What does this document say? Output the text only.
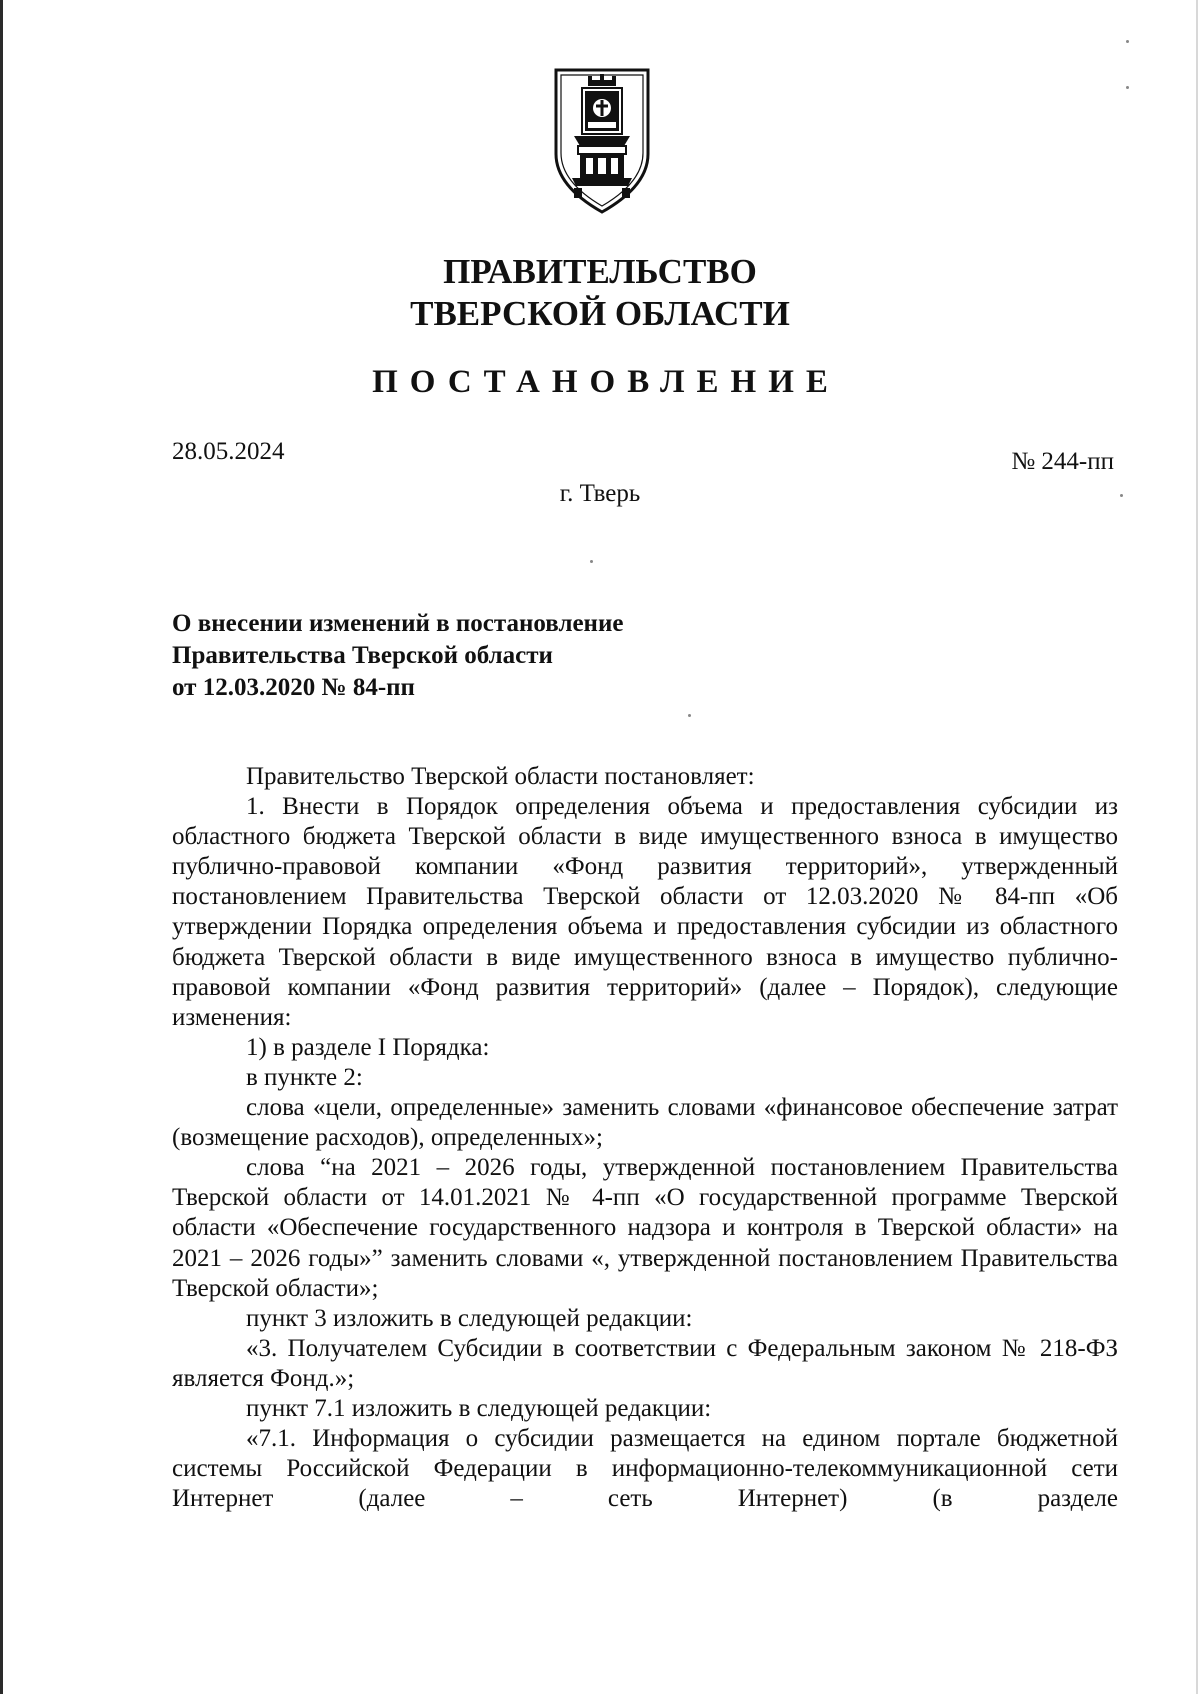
ПРАВИТЕЛЬСТВО
ТВЕРСКОЙ ОБЛАСТИ
ПОСТАНОВЛЕНИЕ
28.05.2024	№ 244-пп
г. Тверь
О внесении изменений в постановление
Правительства Тверской области
от 12.03.2020 № 84-пп

Правительство Тверской области постановляет:

1. Внести в Порядок определения объема и предоставления субсидии из областного бюджета Тверской области в виде имущественного взноса в имущество публично-правовой компании «Фонд развития территорий», утвержденный постановлением Правительства Тверской области от 12.03.2020 № 84-пп «Об утверждении Порядка определения объема и предоставления субсидии из областного бюджета Тверской области в виде имущественного взноса в имущество публично-правовой компании «Фонд развития территорий» (далее – Порядок), следующие изменения:

1) в разделе I Порядка:

в пункте 2:

слова «цели, определенные» заменить словами «финансовое обеспечение затрат (возмещение расходов), определенных»;

слова “на 2021 – 2026 годы, утвержденной постановлением Правительства Тверской области от 14.01.2021 № 4-пп «О государственной программе Тверской области «Обеспечение государственного надзора и контроля в Тверской области» на 2021 – 2026 годы»” заменить словами «, утвержденной постановлением Правительства Тверской области»;

пункт 3 изложить в следующей редакции:

«3. Получателем Субсидии в соответствии с Федеральным законом № 218-ФЗ является Фонд.»;

пункт 7.1 изложить в следующей редакции:

«7.1. Информация о субсидии размещается на едином портале бюджетной системы Российской Федерации в информационно-телекоммуникационной сети Интернет (далее – сеть Интернет) (в разделе
